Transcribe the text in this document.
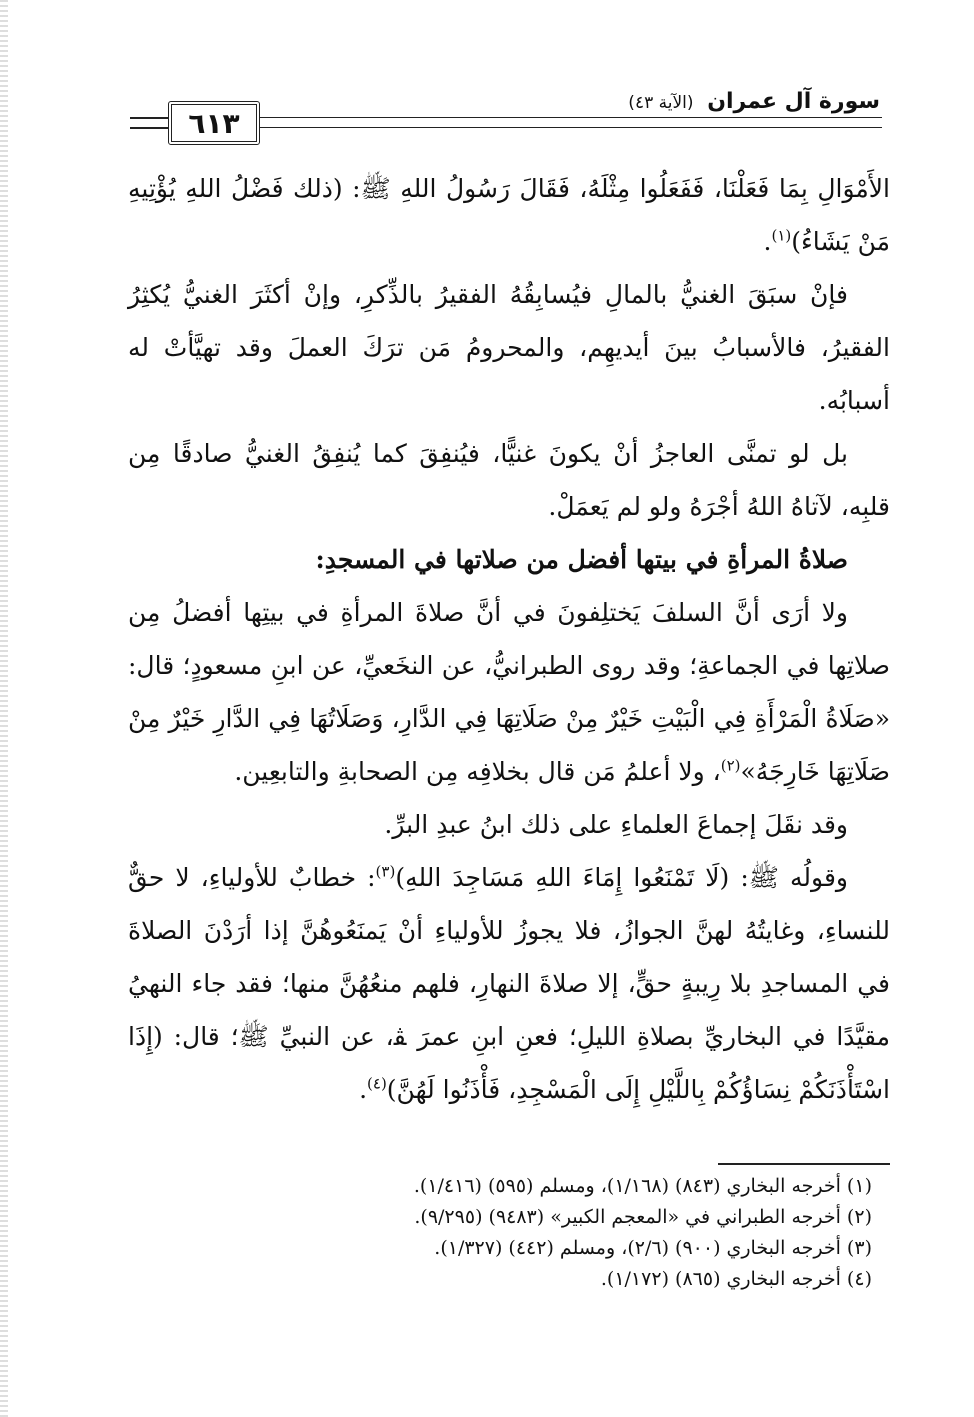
٦١٣
سورة آل عمران (الآية ٤٣)

الأَمْوَالِ بِمَا فَعَلْنَا، فَفَعَلُوا مِثْلَهُ، فَقَالَ رَسُولُ اللهِ ﷺ: (ذلك فَضْلُ اللهِ يُؤْتِيهِ مَنْ يَشَاءُ)$^{(١)}$.

فإنْ سبَقَ الغنيُّ بالمالِ فيُسابِقُهُ الفقيرُ بالذِّكرِ، وإنْ أكثَرَ الغنيُّ يُكثِرُ الفقيرُ، فالأسبابُ بينَ أيديهِم، والمحرومُ مَن ترَكَ العملَ وقد تهيَّأتْ له أسبابُه.

بل لو تمنَّى العاجزُ أنْ يكونَ غنيًّا، فيُنفِقَ كما يُنفِقُ الغنيُّ صادقًا مِن قلبِه، لآتاهُ اللهُ أجْرَهُ ولو لم يَعمَلْ.

صلاةُ المرأةِ في بيتها أفضل من صلاتها في المسجدِ:

ولا أرَى أنَّ السلفَ يَختلِفونَ في أنَّ صلاةَ المرأةِ في بيتِها أفضلُ مِن صلاتِها في الجماعةِ؛ وقد روى الطبرانيُّ، عن النخَعيِّ، عن ابنِ مسعودٍ؛ قال: «صَلَاةُ الْمَرْأَةِ فِي الْبَيْتِ خَيْرٌ مِنْ صَلَاتِهَا فِي الدَّارِ، وَصَلَاتُهَا فِي الدَّارِ خَيْرٌ مِنْ صَلَاتِهَا خَارِجَهُ»$^{(٢)}$، ولا أعلمُ مَن قال بخلافِه مِن الصحابةِ والتابعِين.

وقد نقَلَ إجماعَ العلماءِ على ذلك ابنُ عبدِ البرِّ.

وقولُه ﷺ: (لَا تَمْنَعُوا إِمَاءَ اللهِ مَسَاجِدَ اللهِ)$^{(٣)}$: خطابٌ للأولياءِ، لا حقٌّ للنساءِ، وغايتُهُ لهنَّ الجوازُ، فلا يجوزُ للأولياءِ أنْ يَمنَعُوهُنَّ إذا أرَدْنَ الصلاةَ في المساجدِ بلا رِيبةٍ حقٍّ، إلا صلاةَ النهارِ، فلهم منعُهُنَّ منها؛ فقد جاء النهيُ مقيَّدًا في البخاريِّ بصلاةِ الليلِ؛ فعنِ ابنِ عمرَ ﭭ، عن النبيِّ ﷺ؛ قال: (إِذَا اسْتَأْذَنَكُمْ نِسَاؤُكُمْ بِاللَّيْلِ إِلَى الْمَسْجِدِ، فَأْذَنُوا لَهُنَّ)$^{(٤)}$.

(١) أخرجه البخاري (٨٤٣) (١/١٦٨)، ومسلم (٥٩٥) (١/٤١٦).
(٢) أخرجه الطبراني في «المعجم الكبير» (٩٤٨٣) (٩/٢٩٥).
(٣) أخرجه البخاري (٩٠٠) (٢/٦)، ومسلم (٤٤٢) (١/٣٢٧).
(٤) أخرجه البخاري (٨٦٥) (١/١٧٢).
